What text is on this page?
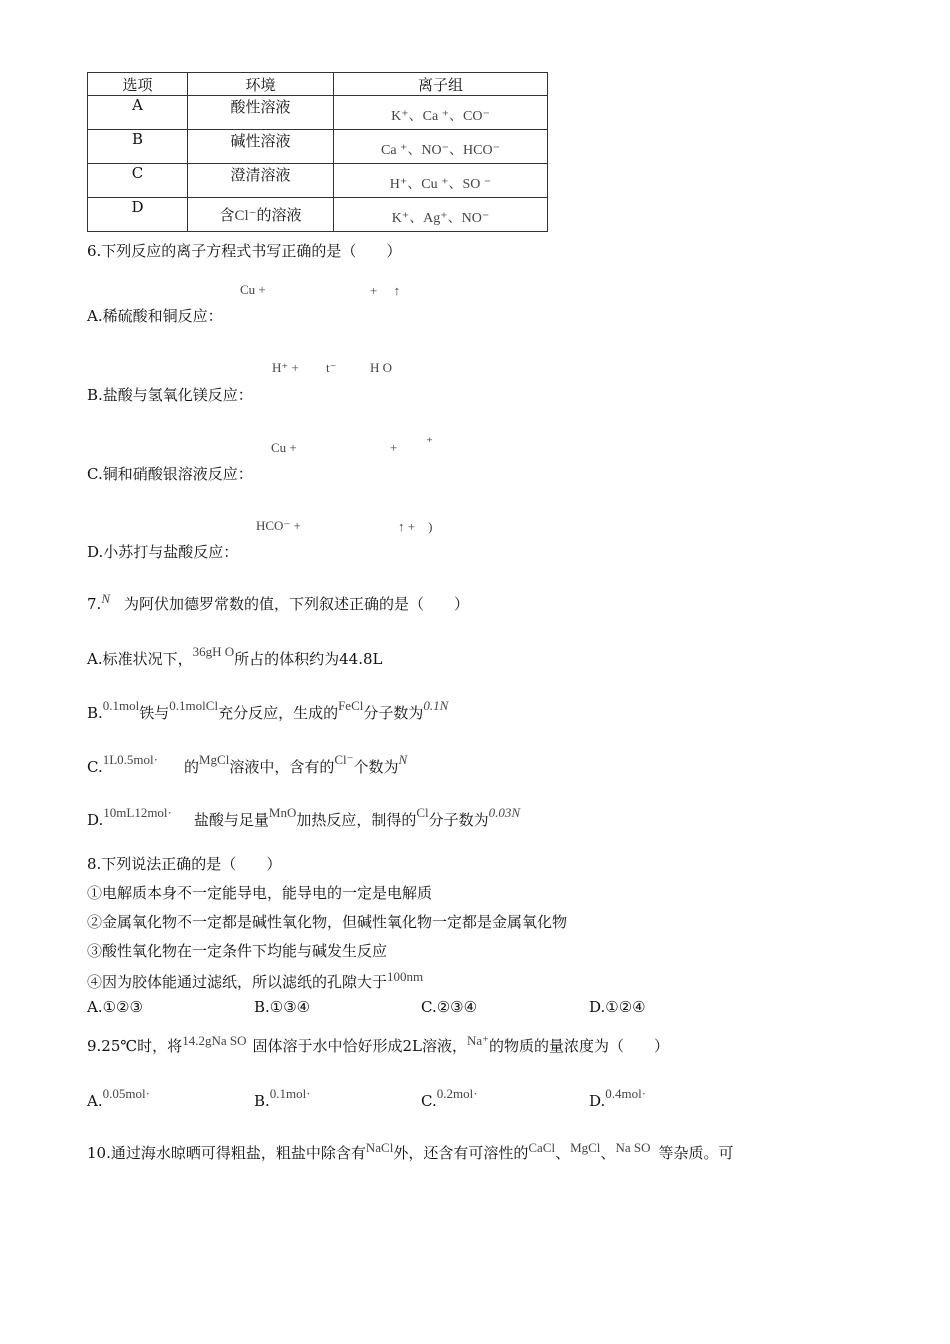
选项	环境	离子组
A	酸性溶液	K⁺、Ca ⁺、CO⁻
B	碱性溶液	Ca ⁺、NO⁻、HCO⁻
C	澄清溶液	H⁺、Cu ⁺、SO ⁻
D	含Cl⁻的溶液	K⁺、Ag⁺、NO⁻
6.下列反应的离子方程式书写正确的是（　　）
Cu +	+　 ↑
A.稀硫酸和铜反应：
H⁺ + t⁻	H O
B.盐酸与氢氧化镁反应：
Cu +	+ ⁺
C.铜和硝酸银溶液反应：
HCO⁻ +	↑ +　)
D.小苏打与盐酸反应：
7.N 为阿伏加德罗常数的值，下列叙述正确的是（　　）
A.标准状况下，36gH O所占的体积约为44.8L
B.0.1mol铁与0.1molCl充分反应，生成的FeCl分子数为0.1N
C.1L0.5mol· 的MgCl溶液中，含有的Cl⁻个数为N
D.10mL12mol· 盐酸与足量MnO加热反应，制得的Cl分子数为0.03N
8.下列说法正确的是（　　）
①电解质本身不一定能导电，能导电的一定是电解质
②金属氧化物不一定都是碱性氧化物，但碱性氧化物一定都是金属氧化物
③酸性氧化物在一定条件下均能与碱发生反应
④因为胶体能通过滤纸，所以滤纸的孔隙大于100nm
A.①②③	B.①③④	C.②③④	D.①②④
9.25℃时，将14.2gNa SO 固体溶于水中恰好形成2L溶液，Na⁺的物质的量浓度为（　　）
A.0.05mol·	B.0.1mol·	C.0.2mol·	D.0.4mol·
10.通过海水晾晒可得粗盐，粗盐中除含有NaCl外，还含有可溶性的CaCl、MgCl、Na SO 等杂质。可
